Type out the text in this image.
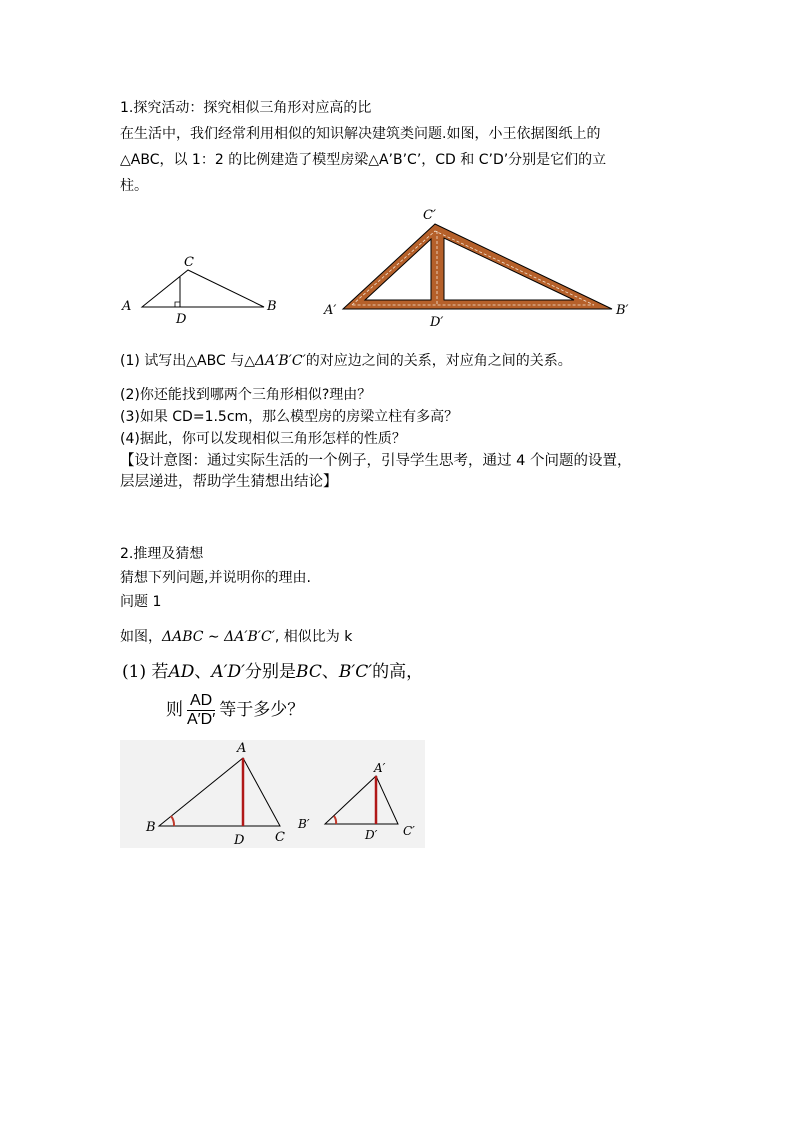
1.探究活动：探究相似三角形对应高的比
在生活中，我们经常利用相似的知识解决建筑类问题.如图，小王依据图纸上的
△ABC，以 1：2 的比例建造了模型房梁△A’B’C’，CD 和 C’D’分别是它们的立
柱。
A	B
C
D
A′	B′
C′
D′
(1) 试写出△ABC 与△ΔA′B′C′的对应边之间的关系，对应角之间的关系。
(2)你还能找到哪两个三角形相似?理由？
(3)如果 CD=1.5cm，那么模型房的房梁立柱有多高？
(4)据此，你可以发现相似三角形怎样的性质？
【设计意图：通过实际生活的一个例子，引导学生思考，通过 4 个问题的设置，
层层递进，帮助学生猜想出结论】
2.推理及猜想
猜想下列问题,并说明你的理由.
问题 1
如图，ΔABC ∼ ΔA′B′C′, 相似比为 k
(1) 若AD、A′D′分别是BC、B′C′的高，
则 $\frac{AD}{A'D'}$ 等于多少？
A
B
C
D
A′
B′	C′
D′
